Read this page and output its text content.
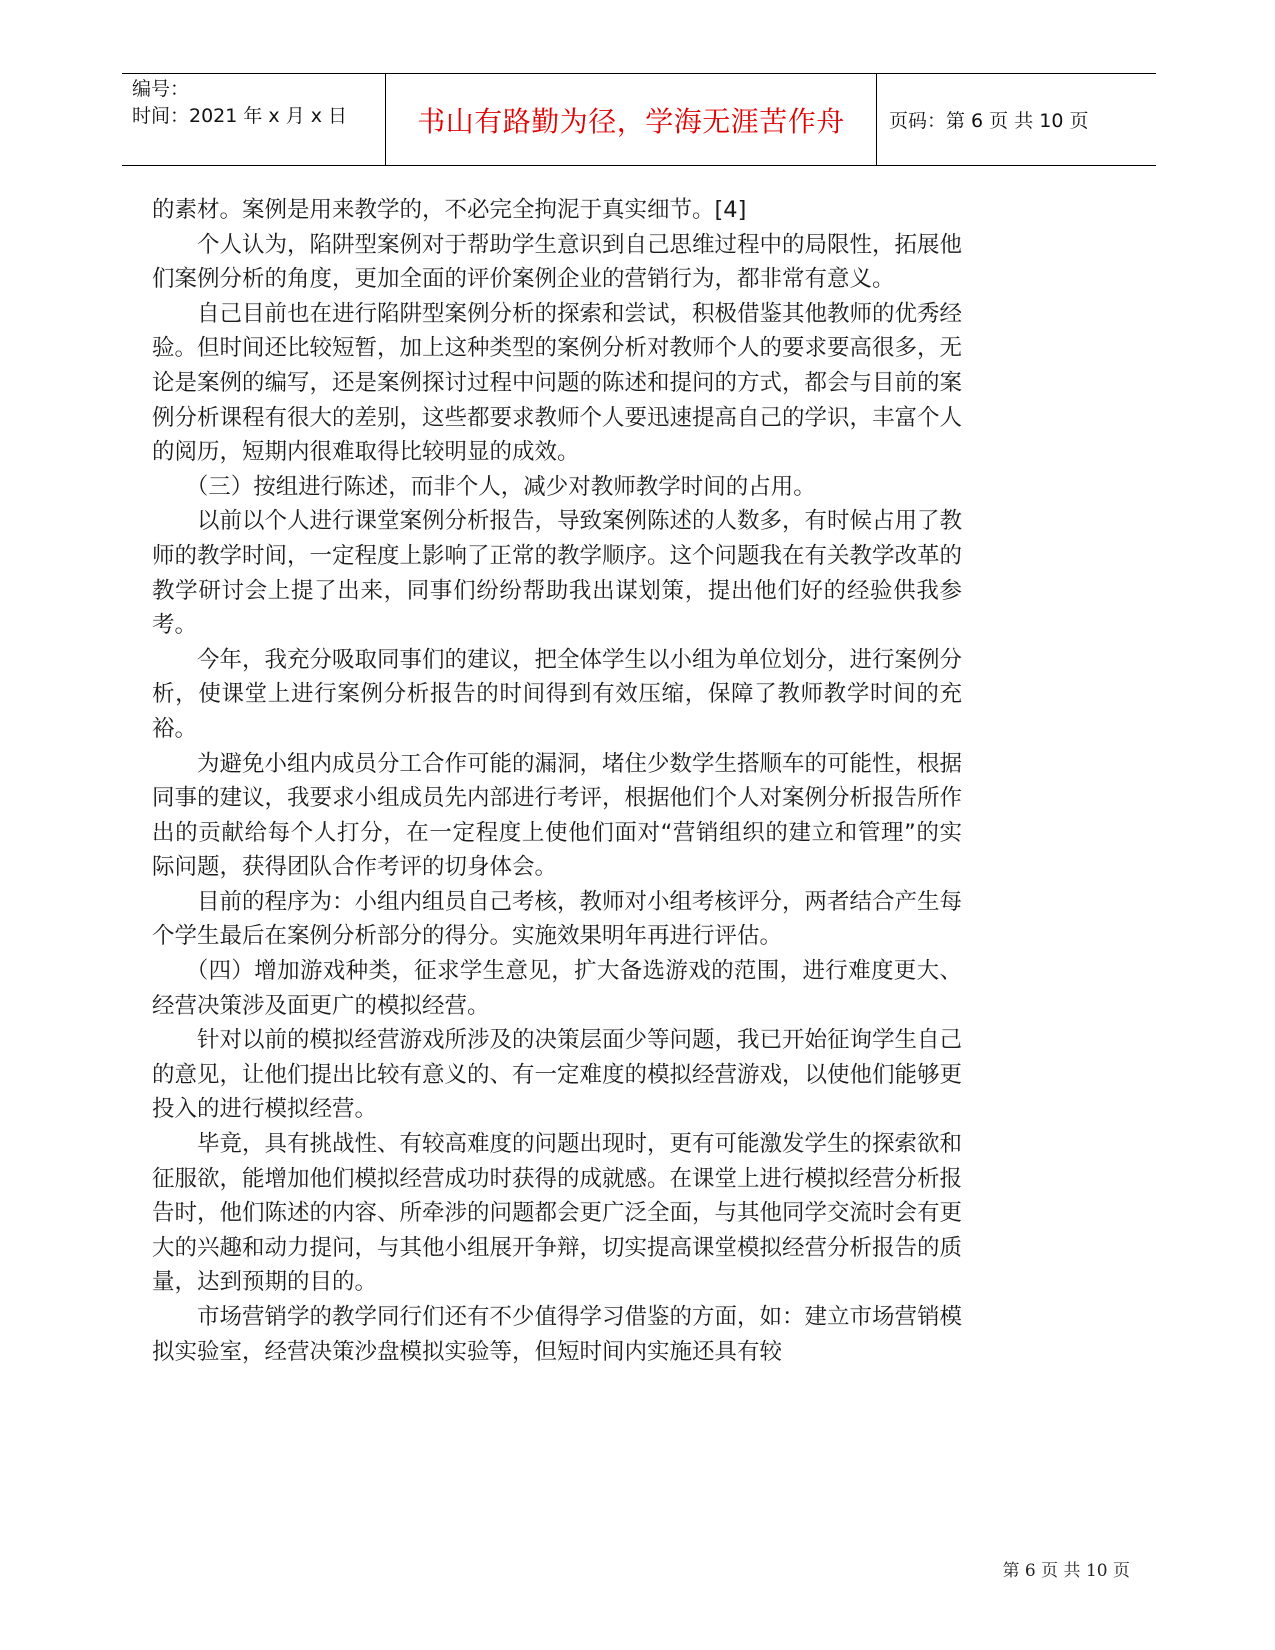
编号：
时间：2021 年 x 月 x 日	书山有路勤为径，学海无涯苦作舟	页码：第 6 页 共 10 页

的素材。案例是用来教学的，不必完全拘泥于真实细节。[4]

个人认为，陷阱型案例对于帮助学生意识到自己思维过程中的局限性，拓展他们案例分析的角度，更加全面的评价案例企业的营销行为，都非常有意义。

自己目前也在进行陷阱型案例分析的探索和尝试，积极借鉴其他教师的优秀经验。但时间还比较短暂，加上这种类型的案例分析对教师个人的要求要高很多，无论是案例的编写，还是案例探讨过程中问题的陈述和提问的方式，都会与目前的案例分析课程有很大的差别，这些都要求教师个人要迅速提高自己的学识，丰富个人的阅历，短期内很难取得比较明显的成效。

（三）按组进行陈述，而非个人，减少对教师教学时间的占用。

以前以个人进行课堂案例分析报告，导致案例陈述的人数多，有时候占用了教师的教学时间，一定程度上影响了正常的教学顺序。这个问题我在有关教学改革的教学研讨会上提了出来，同事们纷纷帮助我出谋划策，提出他们好的经验供我参考。

今年，我充分吸取同事们的建议，把全体学生以小组为单位划分，进行案例分析，使课堂上进行案例分析报告的时间得到有效压缩，保障了教师教学时间的充裕。

为避免小组内成员分工合作可能的漏洞，堵住少数学生搭顺车的可能性，根据同事的建议，我要求小组成员先内部进行考评，根据他们个人对案例分析报告所作出的贡献给每个人打分，在一定程度上使他们面对“营销组织的建立和管理”的实际问题，获得团队合作考评的切身体会。

目前的程序为：小组内组员自己考核，教师对小组考核评分，两者结合产生每个学生最后在案例分析部分的得分。实施效果明年再进行评估。

（四）增加游戏种类，征求学生意见，扩大备选游戏的范围，进行难度更大、经营决策涉及面更广的模拟经营。

针对以前的模拟经营游戏所涉及的决策层面少等问题，我已开始征询学生自己的意见，让他们提出比较有意义的、有一定难度的模拟经营游戏，以使他们能够更投入的进行模拟经营。

毕竟，具有挑战性、有较高难度的问题出现时，更有可能激发学生的探索欲和征服欲，能增加他们模拟经营成功时获得的成就感。在课堂上进行模拟经营分析报告时，他们陈述的内容、所牵涉的问题都会更广泛全面，与其他同学交流时会有更大的兴趣和动力提问，与其他小组展开争辩，切实提高课堂模拟经营分析报告的质量，达到预期的目的。

市场营销学的教学同行们还有不少值得学习借鉴的方面，如：建立市场营销模拟实验室，经营决策沙盘模拟实验等，但短时间内实施还具有较

第 6 页 共 10 页
